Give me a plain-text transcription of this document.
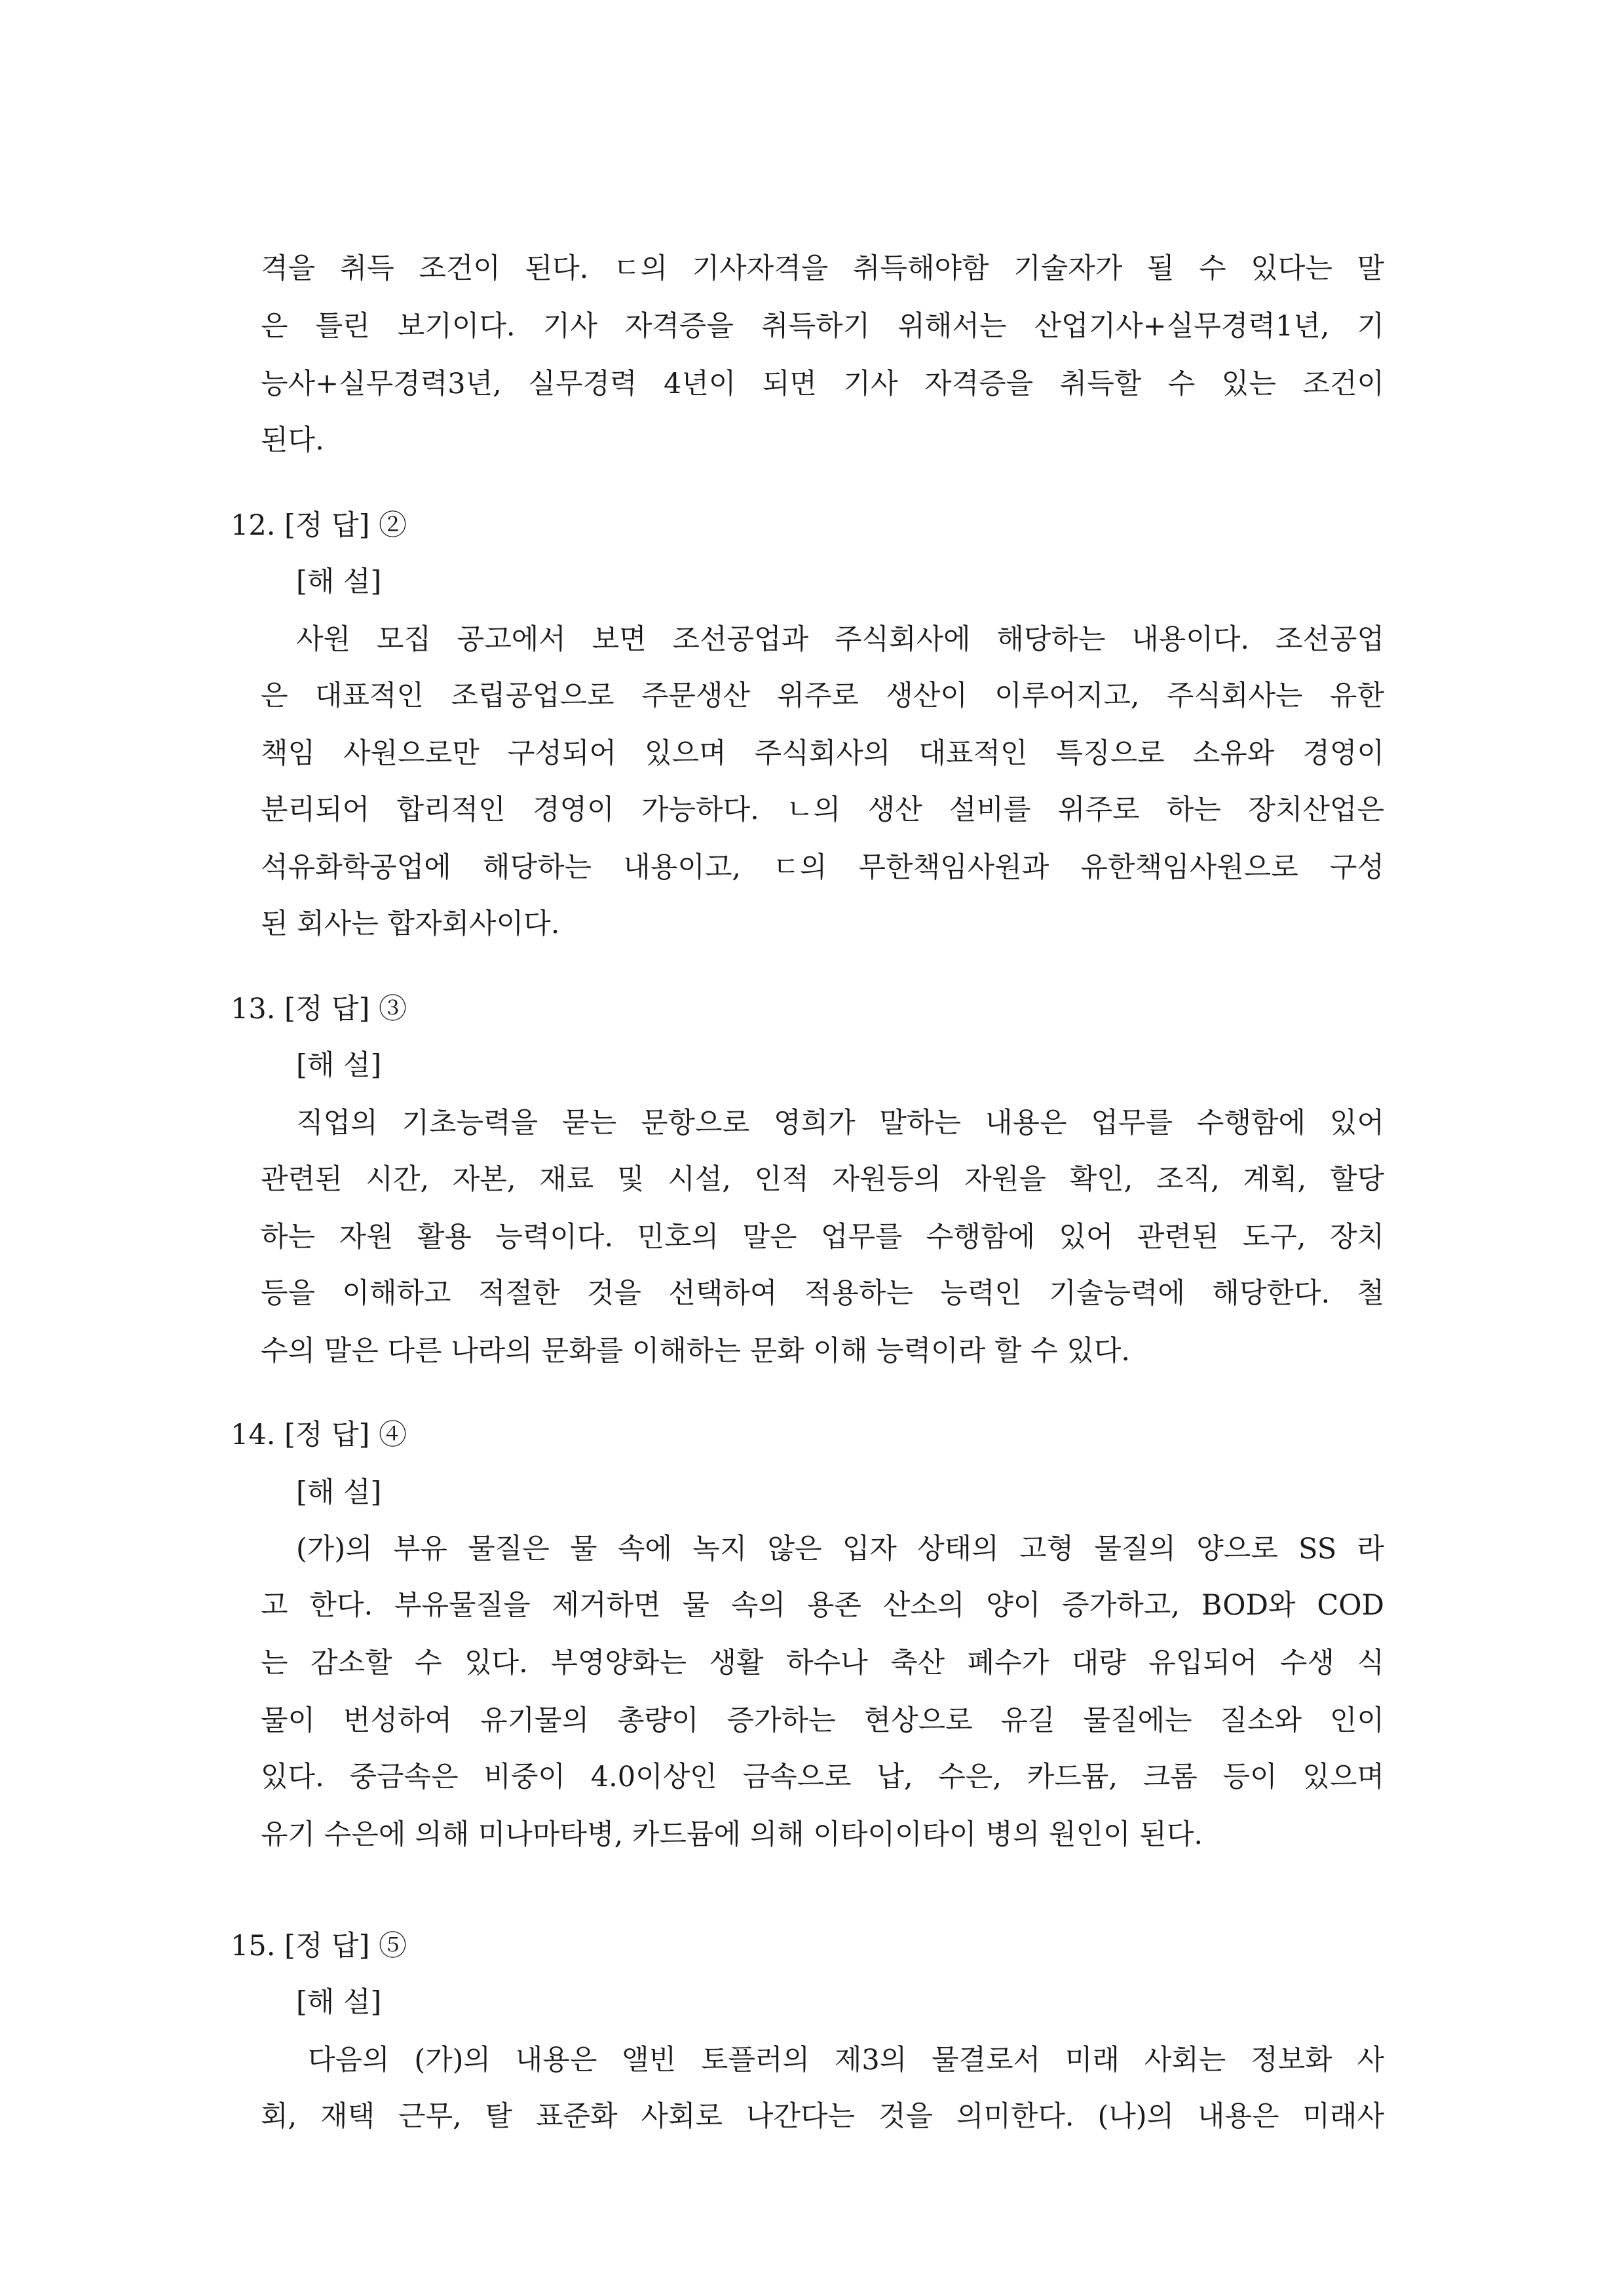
격을 취득 조건이 된다. ㄷ의 기사자격을 취득해야함 기술자가 될 수 있다는 말
은 틀린 보기이다. 기사 자격증을 취득하기 위해서는 산업기사+실무경력1년, 기
능사+실무경력3년, 실무경력 4년이 되면 기사 자격증을 취득할 수 있는 조건이
된다.
12. [정 답] ②
[해 설]
사원 모집 공고에서 보면 조선공업과 주식회사에 해당하는 내용이다. 조선공업
은 대표적인 조립공업으로 주문생산 위주로 생산이 이루어지고, 주식회사는 유한
책임 사원으로만 구성되어 있으며 주식회사의 대표적인 특징으로 소유와 경영이
분리되어 합리적인 경영이 가능하다. ㄴ의 생산 설비를 위주로 하는 장치산업은
석유화학공업에 해당하는 내용이고, ㄷ의 무한책임사원과 유한책임사원으로 구성
된 회사는 합자회사이다.
13. [정 답] ③
[해 설]
직업의 기초능력을 묻는 문항으로 영희가 말하는 내용은 업무를 수행함에 있어
관련된 시간, 자본, 재료 및 시설, 인적 자원등의 자원을 확인, 조직, 계획, 할당
하는 자원 활용 능력이다. 민호의 말은 업무를 수행함에 있어 관련된 도구, 장치
등을 이해하고 적절한 것을 선택하여 적용하는 능력인 기술능력에 해당한다. 철
수의 말은 다른 나라의 문화를 이해하는 문화 이해 능력이라 할 수 있다.
14. [정 답] ④
[해 설]
(가)의 부유 물질은 물 속에 녹지 않은 입자 상태의 고형 물질의 양으로 SS 라
고 한다. 부유물질을 제거하면 물 속의 용존 산소의 양이 증가하고, BOD와 COD
는 감소할 수 있다. 부영양화는 생활 하수나 축산 폐수가 대량 유입되어 수생 식
물이 번성하여 유기물의 총량이 증가하는 현상으로 유길 물질에는 질소와 인이
있다. 중금속은 비중이 4.0이상인 금속으로 납, 수은, 카드뮴, 크롬 등이 있으며
유기 수은에 의해 미나마타병, 카드뮴에 의해 이타이이타이 병의 원인이 된다.
15. [정 답] ⑤
[해 설]
다음의 (가)의 내용은 앨빈 토플러의 제3의 물결로서 미래 사회는 정보화 사
회, 재택 근무, 탈 표준화 사회로 나간다는 것을 의미한다. (나)의 내용은 미래사
